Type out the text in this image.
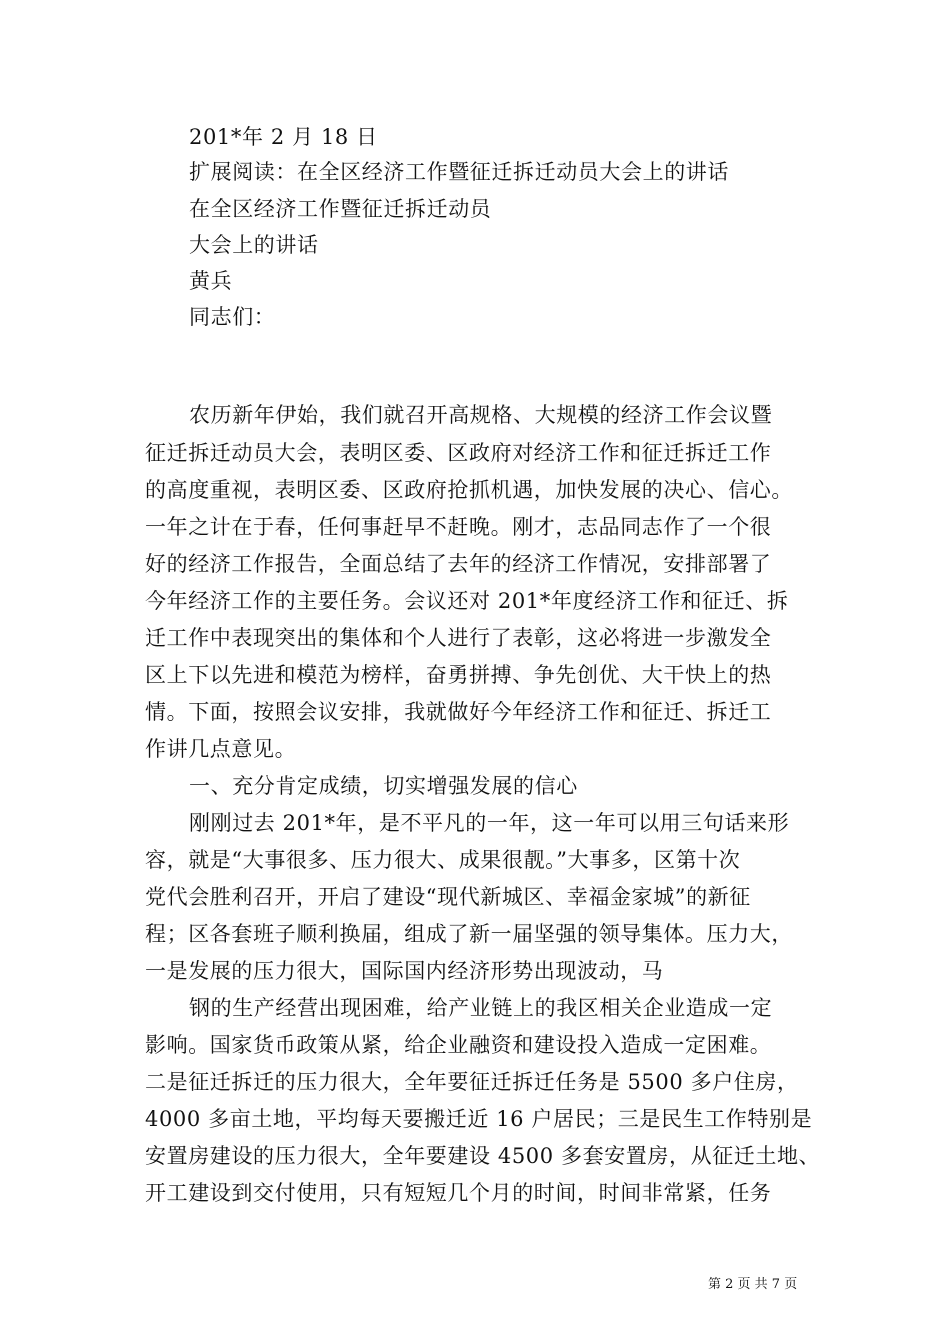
201*年 2 月 18 日
扩展阅读：在全区经济工作暨征迁拆迁动员大会上的讲话
在全区经济工作暨征迁拆迁动员
大会上的讲话
黄兵
同志们：
农历新年伊始，我们就召开高规格、大规模的经济工作会议暨
征迁拆迁动员大会，表明区委、区政府对经济工作和征迁拆迁工作
的高度重视，表明区委、区政府抢抓机遇，加快发展的决心、信心。
一年之计在于春，任何事赶早不赶晚。刚才，志品同志作了一个很
好的经济工作报告，全面总结了去年的经济工作情况，安排部署了
今年经济工作的主要任务。会议还对 201*年度经济工作和征迁、拆
迁工作中表现突出的集体和个人进行了表彰，这必将进一步激发全
区上下以先进和模范为榜样，奋勇拼搏、争先创优、大干快上的热
情。下面，按照会议安排，我就做好今年经济工作和征迁、拆迁工
作讲几点意见。
一、充分肯定成绩，切实增强发展的信心
刚刚过去 201*年，是不平凡的一年，这一年可以用三句话来形
容，就是“大事很多、压力很大、成果很靓。”大事多，区第十次
党代会胜利召开，开启了建设“现代新城区、幸福金家城”的新征
程；区各套班子顺利换届，组成了新一届坚强的领导集体。压力大，
一是发展的压力很大，国际国内经济形势出现波动，马
钢的生产经营出现困难，给产业链上的我区相关企业造成一定
影响。国家货币政策从紧，给企业融资和建设投入造成一定困难。
二是征迁拆迁的压力很大，全年要征迁拆迁任务是 5500 多户住房，
4000 多亩土地，平均每天要搬迁近 16 户居民；三是民生工作特别是
安置房建设的压力很大，全年要建设 4500 多套安置房，从征迁土地、
开工建设到交付使用，只有短短几个月的时间，时间非常紧，任务
第 2 页 共 7 页
